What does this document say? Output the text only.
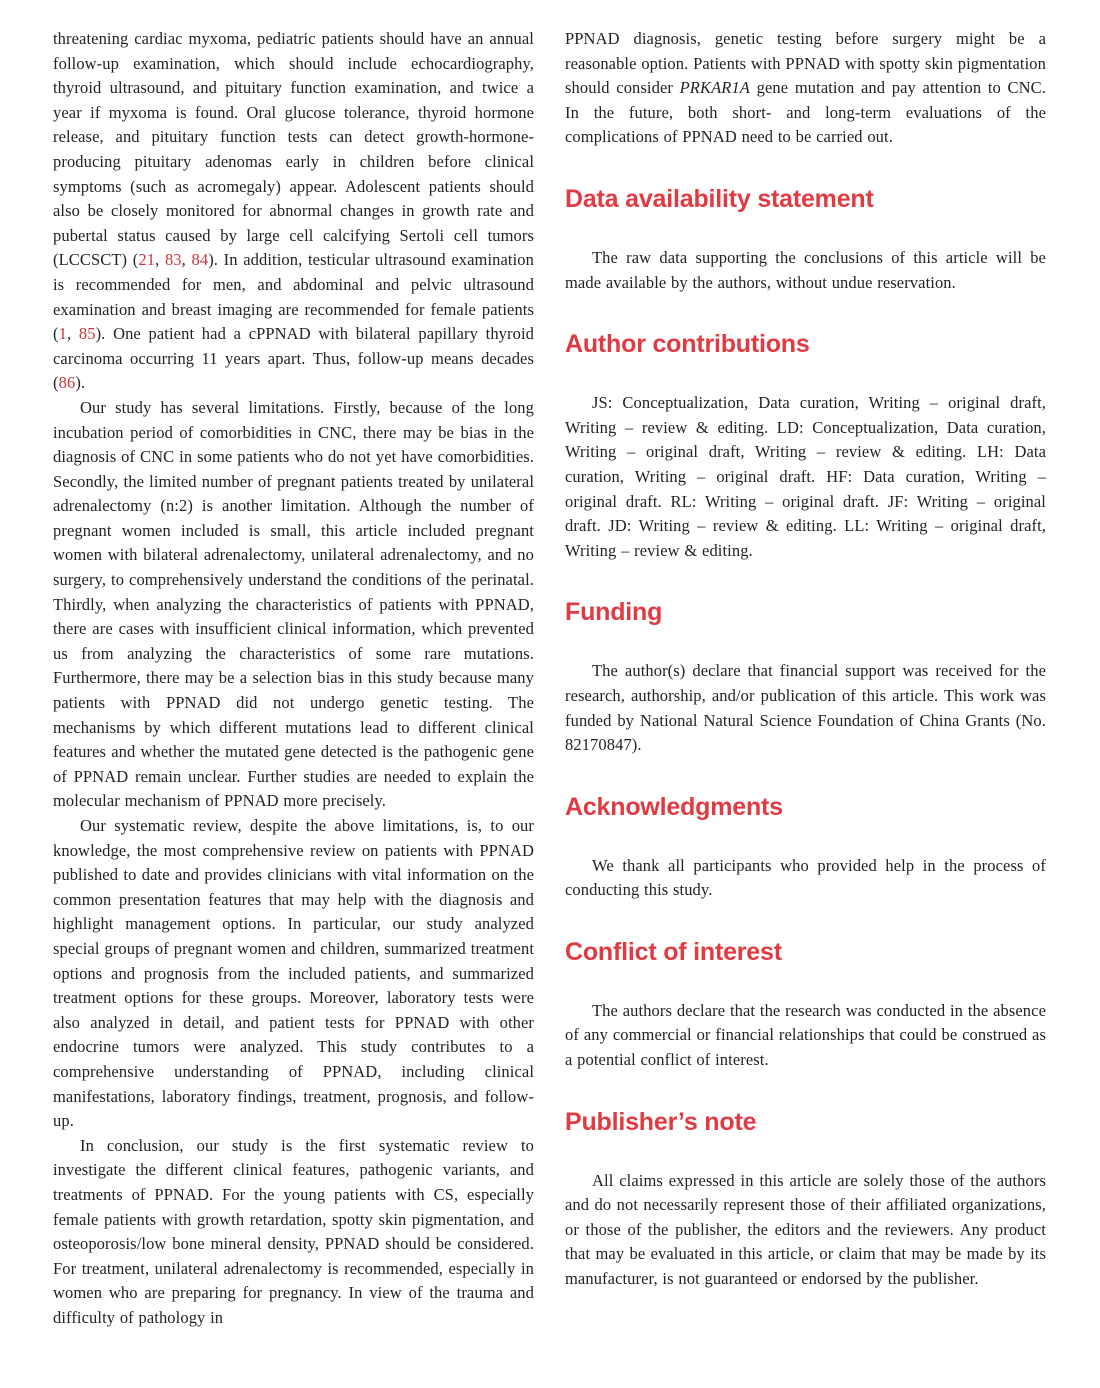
threatening cardiac myxoma, pediatric patients should have an annual follow-up examination, which should include echocardiography, thyroid ultrasound, and pituitary function examination, and twice a year if myxoma is found. Oral glucose tolerance, thyroid hormone release, and pituitary function tests can detect growth-hormone-producing pituitary adenomas early in children before clinical symptoms (such as acromegaly) appear. Adolescent patients should also be closely monitored for abnormal changes in growth rate and pubertal status caused by large cell calcifying Sertoli cell tumors (LCCSCT) (21, 83, 84). In addition, testicular ultrasound examination is recommended for men, and abdominal and pelvic ultrasound examination and breast imaging are recommended for female patients (1, 85). One patient had a cPPNAD with bilateral papillary thyroid carcinoma occurring 11 years apart. Thus, follow-up means decades (86).

Our study has several limitations. Firstly, because of the long incubation period of comorbidities in CNC, there may be bias in the diagnosis of CNC in some patients who do not yet have comorbidities. Secondly, the limited number of pregnant patients treated by unilateral adrenalectomy (n:2) is another limitation. Although the number of pregnant women included is small, this article included pregnant women with bilateral adrenalectomy, unilateral adrenalectomy, and no surgery, to comprehensively understand the conditions of the perinatal. Thirdly, when analyzing the characteristics of patients with PPNAD, there are cases with insufficient clinical information, which prevented us from analyzing the characteristics of some rare mutations. Furthermore, there may be a selection bias in this study because many patients with PPNAD did not undergo genetic testing. The mechanisms by which different mutations lead to different clinical features and whether the mutated gene detected is the pathogenic gene of PPNAD remain unclear. Further studies are needed to explain the molecular mechanism of PPNAD more precisely.

Our systematic review, despite the above limitations, is, to our knowledge, the most comprehensive review on patients with PPNAD published to date and provides clinicians with vital information on the common presentation features that may help with the diagnosis and highlight management options. In particular, our study analyzed special groups of pregnant women and children, summarized treatment options and prognosis from the included patients, and summarized treatment options for these groups. Moreover, laboratory tests were also analyzed in detail, and patient tests for PPNAD with other endocrine tumors were analyzed. This study contributes to a comprehensive understanding of PPNAD, including clinical manifestations, laboratory findings, treatment, prognosis, and follow-up.

In conclusion, our study is the first systematic review to investigate the different clinical features, pathogenic variants, and treatments of PPNAD. For the young patients with CS, especially female patients with growth retardation, spotty skin pigmentation, and osteoporosis/low bone mineral density, PPNAD should be considered. For treatment, unilateral adrenalectomy is recommended, especially in women who are preparing for pregnancy. In view of the trauma and difficulty of pathology in

PPNAD diagnosis, genetic testing before surgery might be a reasonable option. Patients with PPNAD with spotty skin pigmentation should consider PRKAR1A gene mutation and pay attention to CNC. In the future, both short- and long-term evaluations of the complications of PPNAD need to be carried out.

Data availability statement

The raw data supporting the conclusions of this article will be made available by the authors, without undue reservation.

Author contributions

JS: Conceptualization, Data curation, Writing – original draft, Writing – review & editing. LD: Conceptualization, Data curation, Writing – original draft, Writing – review & editing. LH: Data curation, Writing – original draft. HF: Data curation, Writing – original draft. RL: Writing – original draft. JF: Writing – original draft. JD: Writing – review & editing. LL: Writing – original draft, Writing – review & editing.

Funding

The author(s) declare that financial support was received for the research, authorship, and/or publication of this article. This work was funded by National Natural Science Foundation of China Grants (No. 82170847).

Acknowledgments

We thank all participants who provided help in the process of conducting this study.

Conflict of interest

The authors declare that the research was conducted in the absence of any commercial or financial relationships that could be construed as a potential conflict of interest.

Publisher’s note

All claims expressed in this article are solely those of the authors and do not necessarily represent those of their affiliated organizations, or those of the publisher, the editors and the reviewers. Any product that may be evaluated in this article, or claim that may be made by its manufacturer, is not guaranteed or endorsed by the publisher.
